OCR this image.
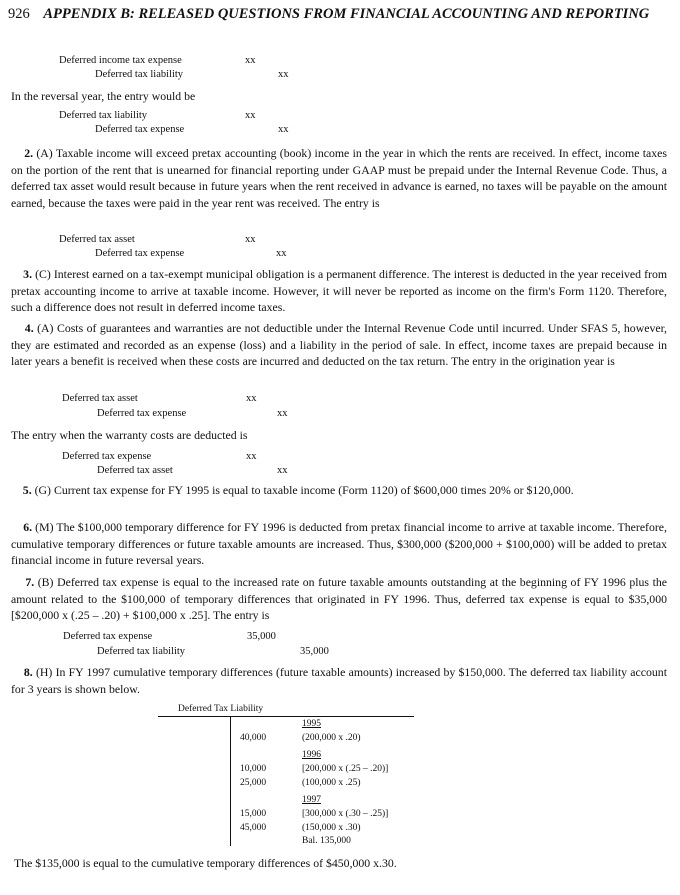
926 APPENDIX B: RELEASED QUESTIONS FROM FINANCIAL ACCOUNTING AND REPORTING
Deferred income tax expense	xx
Deferred tax liability	xx
In the reversal year, the entry would be
Deferred tax liability	xx
Deferred tax expense	xx
2. (A) Taxable income will exceed pretax accounting (book) income in the year in which the rents are received. In effect, income taxes on the portion of the rent that is unearned for financial reporting under GAAP must be prepaid under the Internal Revenue Code. Thus, a deferred tax asset would result because in future years when the rent received in advance is earned, no taxes will be payable on the amount earned, because the taxes were paid in the year rent was received. The entry is
Deferred tax asset	xx
Deferred tax expense	xx
3. (C) Interest earned on a tax-exempt municipal obligation is a permanent difference. The interest is deducted in the year received from pretax accounting income to arrive at taxable income. However, it will never be reported as income on the firm's Form 1120. Therefore, such a difference does not result in deferred income taxes.
4. (A) Costs of guarantees and warranties are not deductible under the Internal Revenue Code until incurred. Under SFAS 5, however, they are estimated and recorded as an expense (loss) and a liability in the period of sale. In effect, income taxes are prepaid because in later years a benefit is received when these costs are incurred and deducted on the tax return. The entry in the origination year is
Deferred tax asset	xx
Deferred tax expense	xx
The entry when the warranty costs are deducted is
Deferred tax expense	xx
Deferred tax asset	xx
5. (G) Current tax expense for FY 1995 is equal to taxable income (Form 1120) of $600,000 times 20% or $120,000.
6. (M) The $100,000 temporary difference for FY 1996 is deducted from pretax financial income to arrive at taxable income. Therefore, cumulative temporary differences or future taxable amounts are increased. Thus, $300,000 ($200,000 + $100,000) will be added to pretax financial income in future reversal years.
7. (B) Deferred tax expense is equal to the increased rate on future taxable amounts outstanding at the beginning of FY 1996 plus the amount related to the $100,000 of temporary differences that originated in FY 1996. Thus, deferred tax expense is equal to $35,000 [$200,000 x (.25 – .20) + $100,000 x .25]. The entry is
Deferred tax expense	35,000
Deferred tax liability	35,000
8. (H) In FY 1997 cumulative temporary differences (future taxable amounts) increased by $150,000. The deferred tax liability account for 3 years is shown below.
Deferred Tax Liability
1995
40,000	(200,000 x .20)
1996
10,000	[200,000 x (.25 – .20)]
25,000	(100,000 x .25)
1997
15,000	[300,000 x (.30 – .25)]
45,000	(150,000 x .30)
Bal. 135,000
The $135,000 is equal to the cumulative temporary differences of $450,000 x.30.
